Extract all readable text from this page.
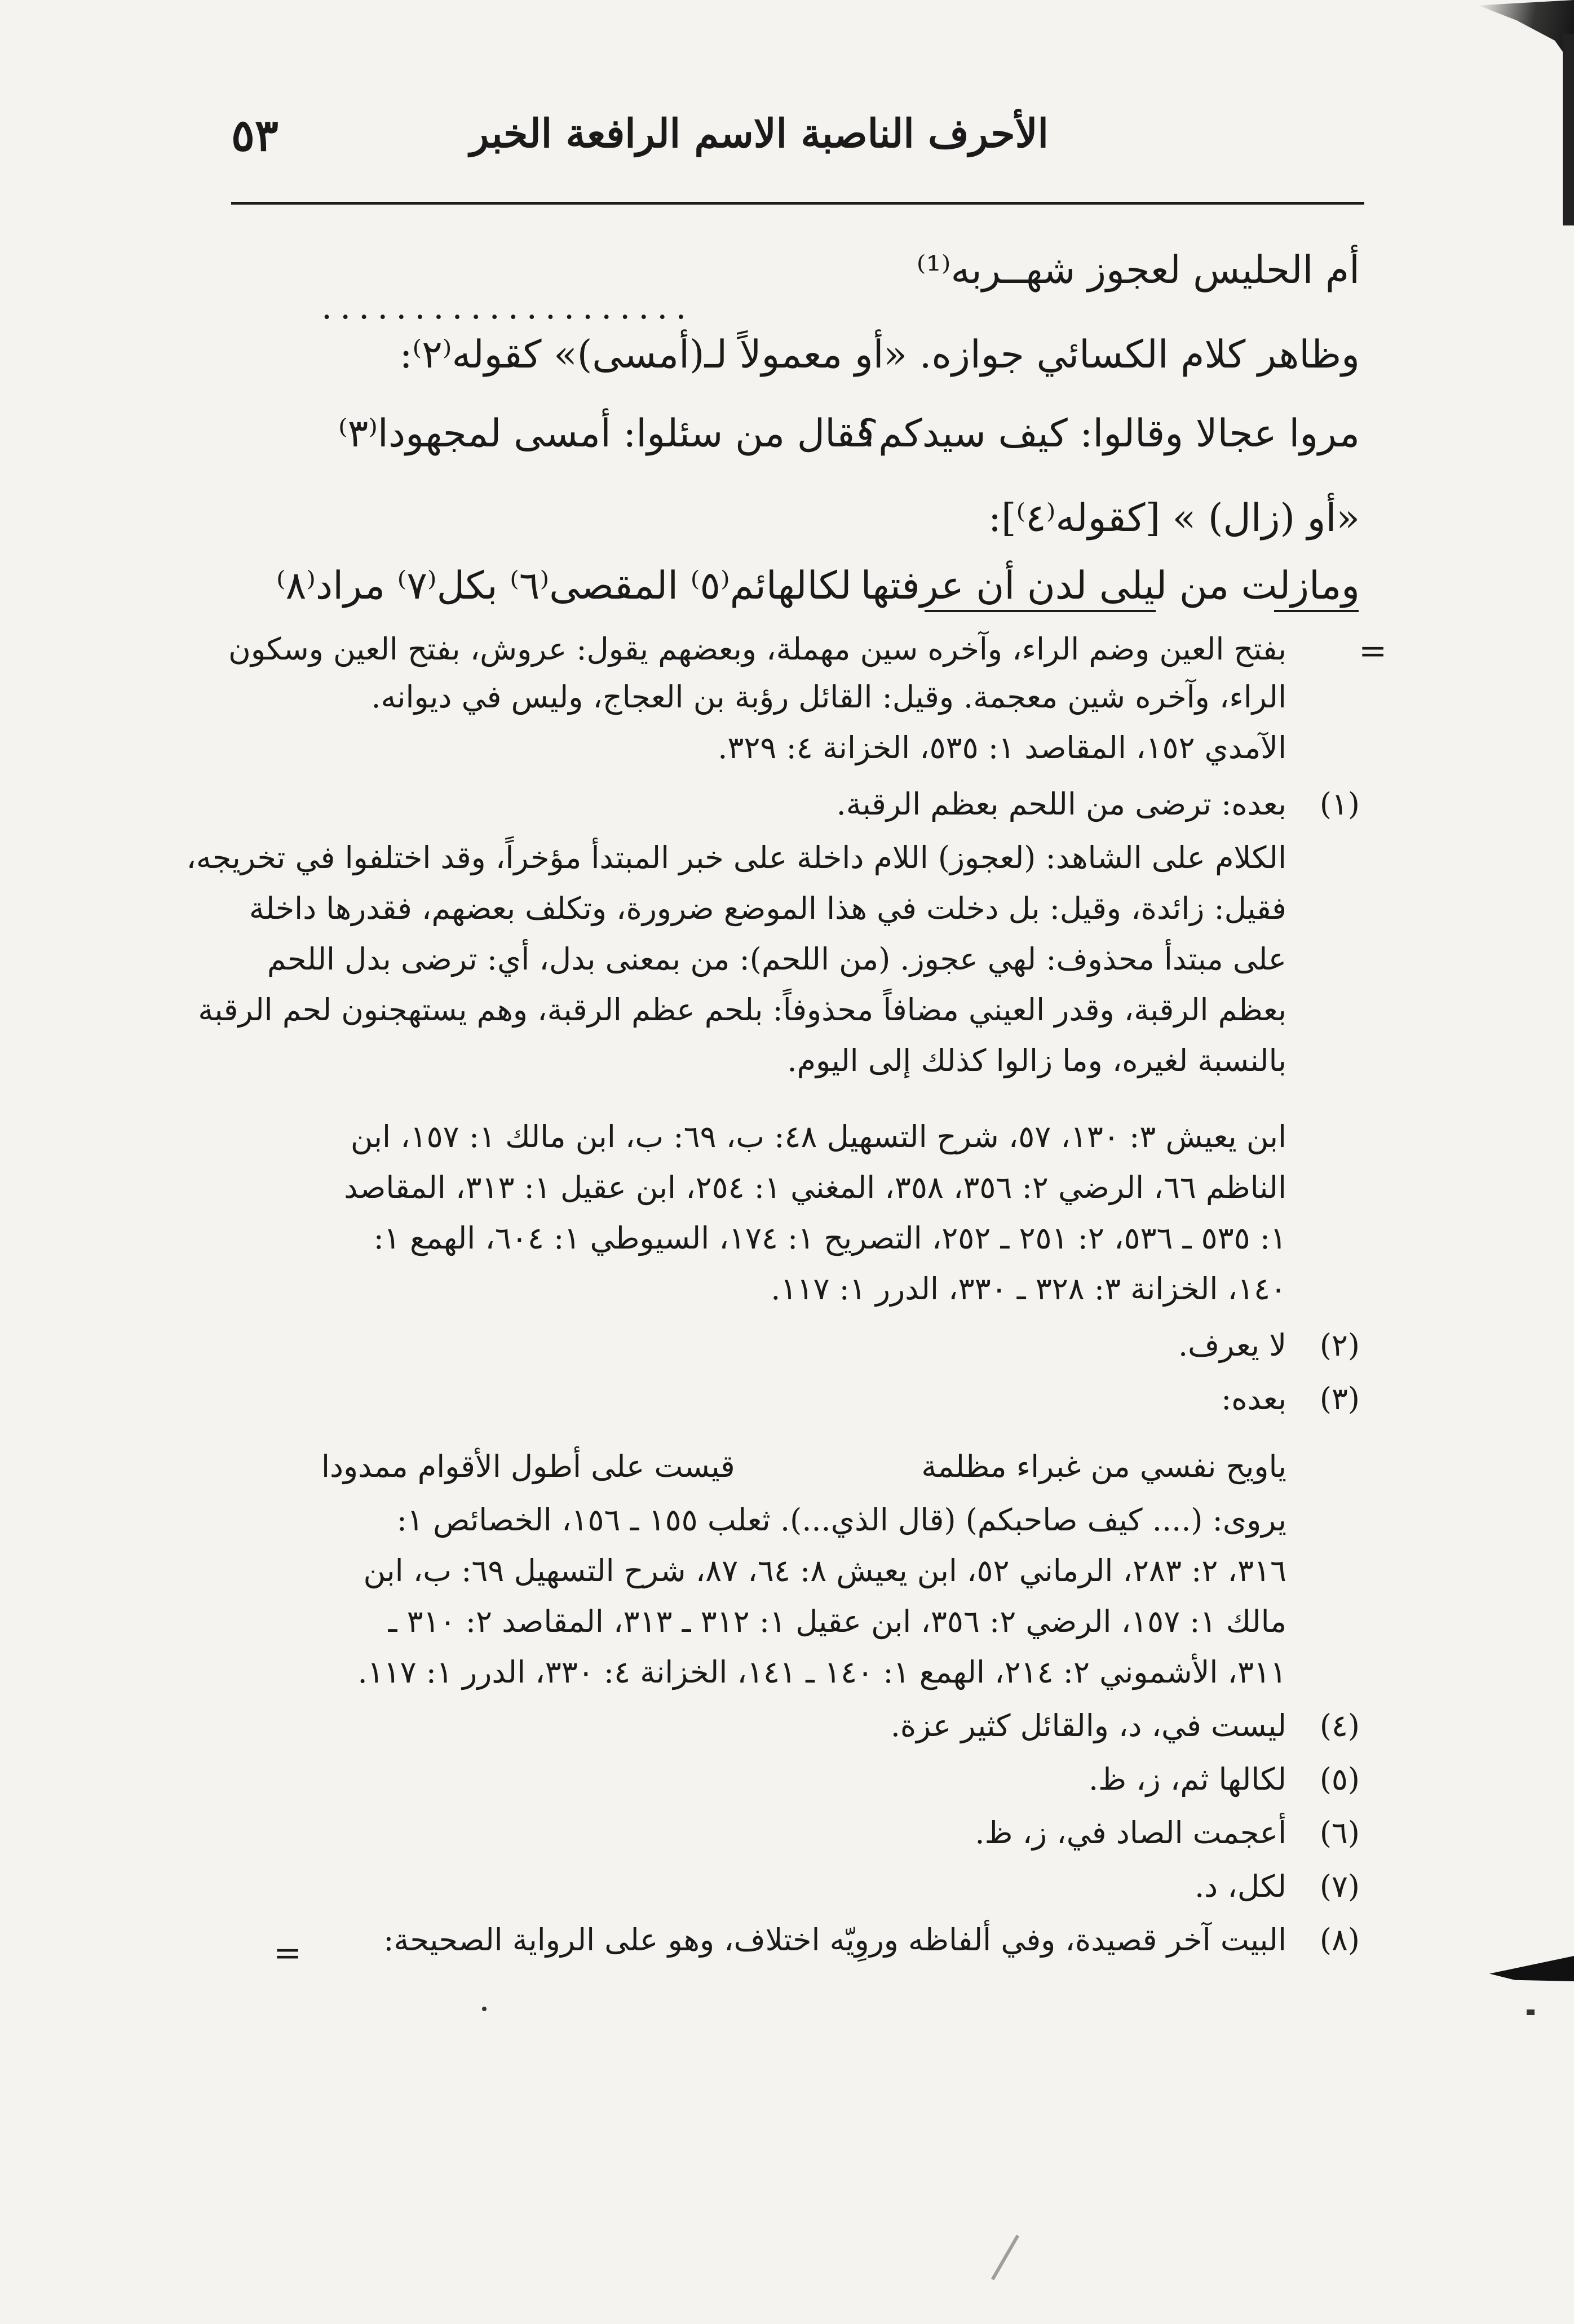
٥٣	الأحرف الناصبة الاسم الرافعة الخبر
أم الحليس لعجوز شهــربه⁽¹⁾
....................
وظاهر كلام الكسائي جوازه. «أو معمولاً لـ(أمسى)» كقوله⁽٢⁾:
مروا عجالا وقالوا: كيف سيدكم؟
فقال من سئلوا: أمسى لمجهودا⁽٣⁾
«أو (زال) » [كقوله⁽٤⁾]:
ومازلت من ليلى لدن أن عرفتها
لكالهائم⁽٥⁾ المقصى⁽٦⁾ بكل⁽٧⁾ مراد⁽٨⁾
=
بفتح العين وضم الراء، وآخره سين مهملة، وبعضهم يقول: عروش، بفتح العين وسكون
الراء، وآخره شين معجمة. وقيل: القائل رؤبة بن العجاج، وليس في ديوانه.
الآمدي ١٥٢، المقاصد ١: ٥٣٥، الخزانة ٤: ٣٢٩.
(١)
بعده: ترضى من اللحم بعظم الرقبة.
الكلام على الشاهد: (لعجوز) اللام داخلة على خبر المبتدأ مؤخراً، وقد اختلفوا في تخريجه،
فقيل: زائدة، وقيل: بل دخلت في هذا الموضع ضرورة، وتكلف بعضهم، فقدرها داخلة
على مبتدأ محذوف: لهي عجوز. (من اللحم): من بمعنى بدل، أي: ترضى بدل اللحم
بعظم الرقبة، وقدر العيني مضافاً محذوفاً: بلحم عظم الرقبة، وهم يستهجنون لحم الرقبة
بالنسبة لغيره، وما زالوا كذلك إلى اليوم.
ابن يعيش ٣: ١٣٠، ٥٧، شرح التسهيل ٤٨: ب، ٦٩: ب، ابن مالك ١: ١٥٧، ابن
الناظم ٦٦، الرضي ٢: ٣٥٦، ٣٥٨، المغني ١: ٢٥٤، ابن عقيل ١: ٣١٣، المقاصد
١: ٥٣٥ ـ ٥٣٦، ٢: ٢٥١ ـ ٢٥٢، التصريح ١: ١٧٤، السيوطي ١: ٦٠٤، الهمع ١:
١٤٠، الخزانة ٣: ٣٢٨ ـ ٣٣٠، الدرر ١: ١١٧.
(٢)
لا يعرف.
(٣)
بعده:
ياويح نفسي من غبراء مظلمة
قيست على أطول الأقوام ممدودا
يروى: (.... كيف صاحبكم) (قال الذي...). ثعلب ١٥٥ ـ ١٥٦، الخصائص ١:
٣١٦، ٢: ٢٨٣، الرماني ٥٢، ابن يعيش ٨: ٦٤، ٨٧، شرح التسهيل ٦٩: ب، ابن
مالك ١: ١٥٧، الرضي ٢: ٣٥٦، ابن عقيل ١: ٣١٢ ـ ٣١٣، المقاصد ٢: ٣١٠ ـ
٣١١، الأشموني ٢: ٢١٤، الهمع ١: ١٤٠ ـ ١٤١، الخزانة ٤: ٣٣٠، الدرر ١: ١١٧.
(٤)
ليست في، د، والقائل كثير عزة.
(٥)
لكالها ثم، ز، ظ.
(٦)
أعجمت الصاد في، ز، ظ.
(٧)
لكل، د.
(٨)
البيت آخر قصيدة، وفي ألفاظه وروِيّه اختلاف، وهو على الرواية الصحيحة:
=
